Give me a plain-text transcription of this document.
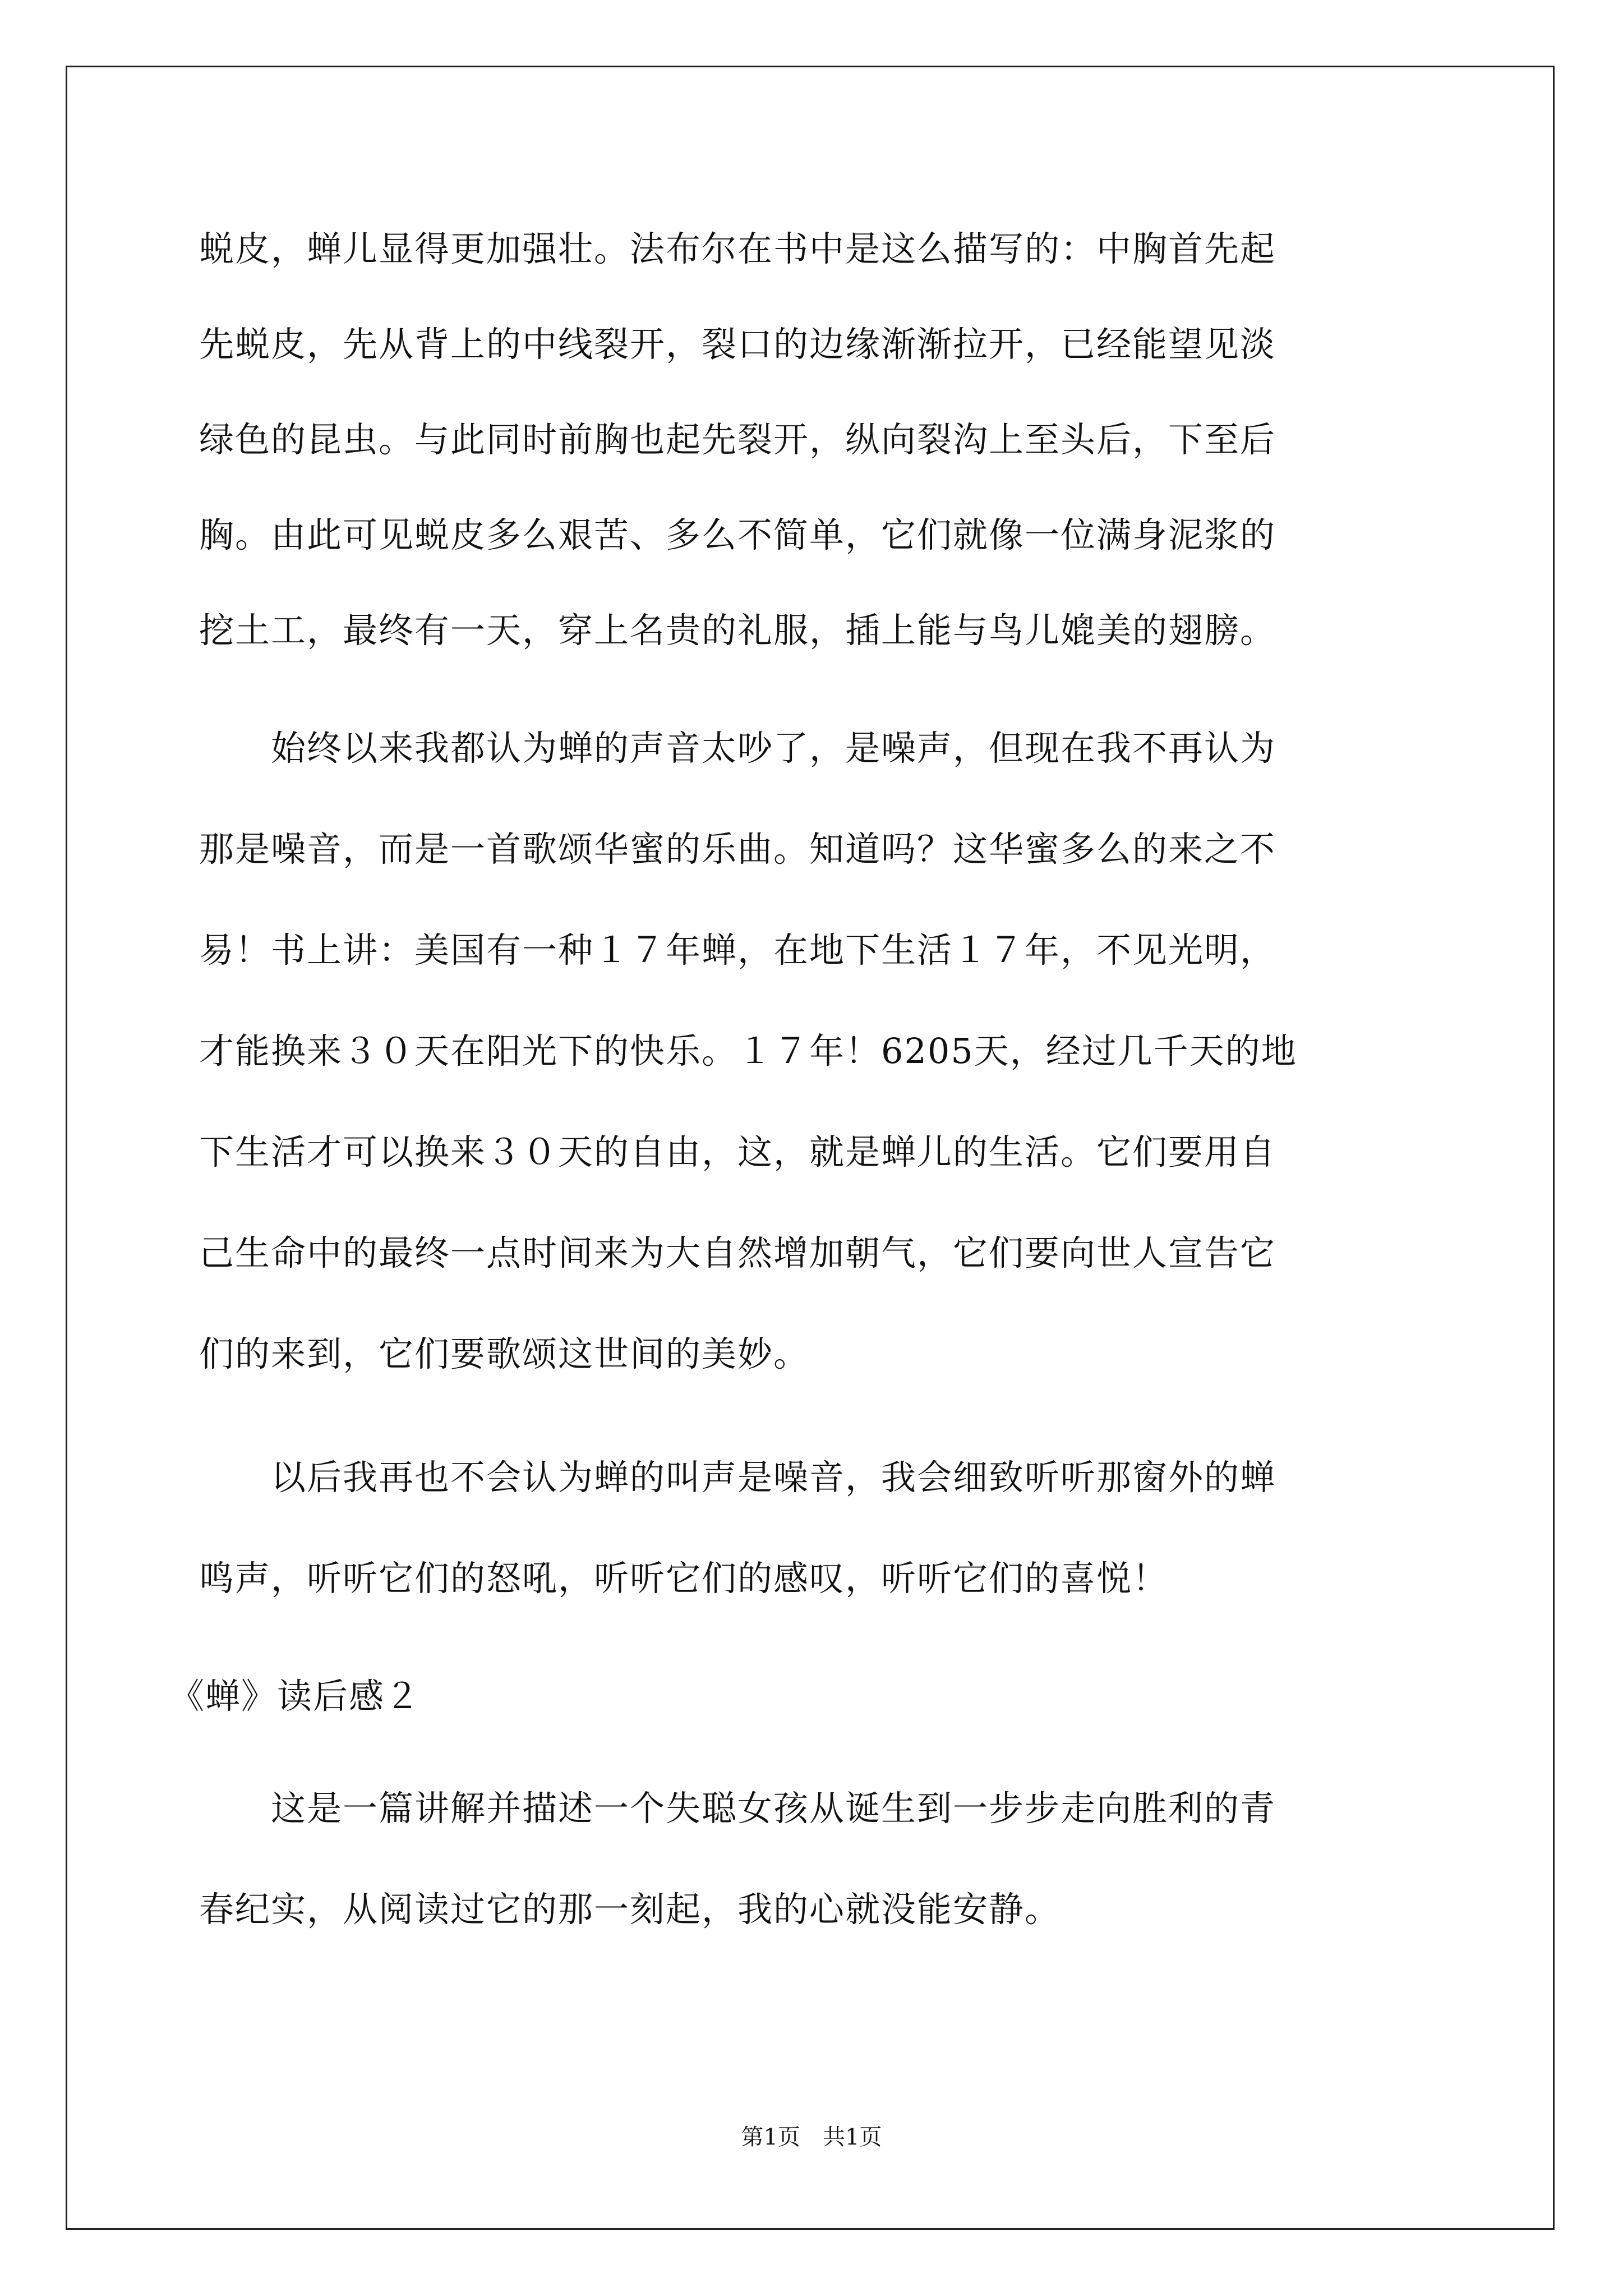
蜕皮，蝉儿显得更加强壮。法布尔在书中是这么描写的：中胸首先起
先蜕皮，先从背上的中线裂开，裂口的边缘渐渐拉开，已经能望见淡
绿色的昆虫。与此同时前胸也起先裂开，纵向裂沟上至头后，下至后
胸。由此可见蜕皮多么艰苦、多么不简单，它们就像一位满身泥浆的
挖土工，最终有一天，穿上名贵的礼服，插上能与鸟儿媲美的翅膀。
　　始终以来我都认为蝉的声音太吵了，是噪声，但现在我不再认为
那是噪音，而是一首歌颂华蜜的乐曲。知道吗？这华蜜多么的来之不
易！书上讲：美国有一种１７年蝉，在地下生活１７年，不见光明，
才能换来３０天在阳光下的快乐。１７年！6205天，经过几千天的地
下生活才可以换来３０天的自由，这，就是蝉儿的生活。它们要用自
己生命中的最终一点时间来为大自然增加朝气，它们要向世人宣告它
们的来到，它们要歌颂这世间的美妙。
　　以后我再也不会认为蝉的叫声是噪音，我会细致听听那窗外的蝉
鸣声，听听它们的怒吼，听听它们的感叹，听听它们的喜悦！
《蝉》读后感２
　　这是一篇讲解并描述一个失聪女孩从诞生到一步步走向胜利的青
春纪实，从阅读过它的那一刻起，我的心就没能安静。
第1页　共1页
